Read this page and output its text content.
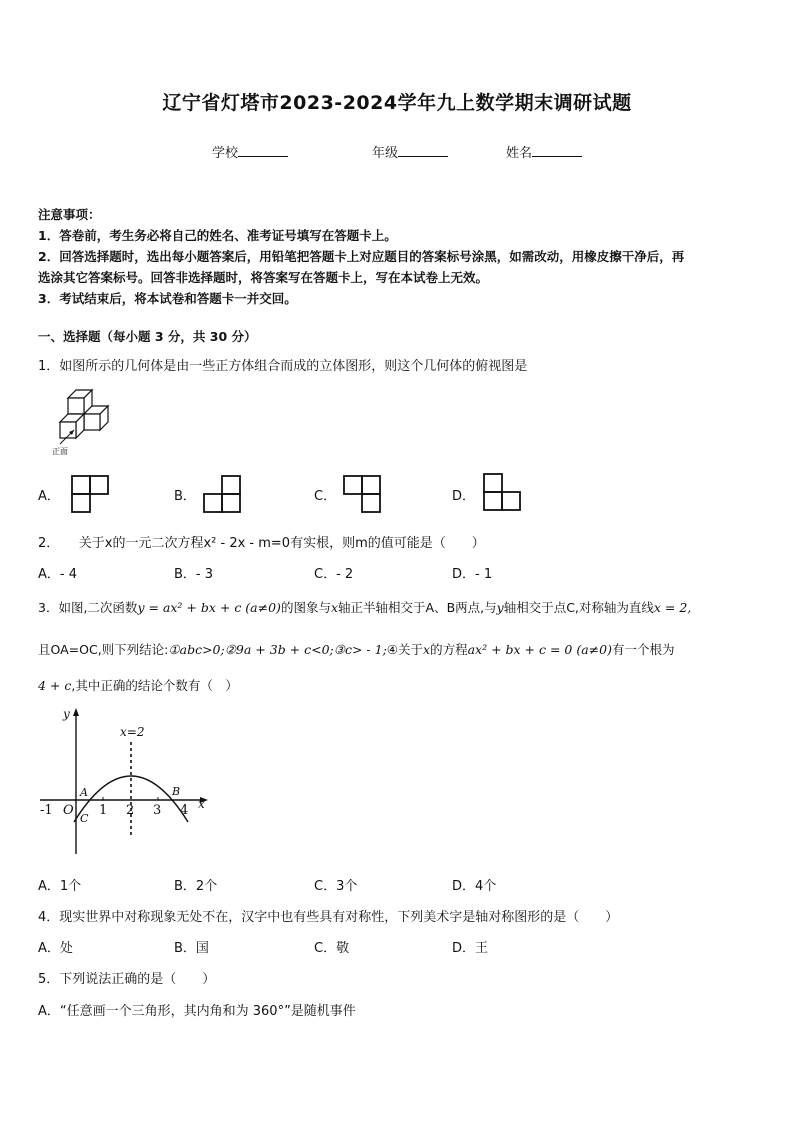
辽宁省灯塔市2023-2024学年九上数学期末调研试题
学校	年级	姓名
注意事项：
1．答卷前，考生务必将自己的姓名、准考证号填写在答题卡上。
2．回答选择题时，选出每小题答案后，用铅笔把答题卡上对应题目的答案标号涂黑，如需改动，用橡皮擦干净后，再
选涂其它答案标号。回答非选择题时，将答案写在答题卡上，写在本试卷上无效。
3．考试结束后，将本试卷和答题卡一并交回。
一、选择题（每小题 3 分，共 30 分）
1．如图所示的几何体是由一些正方体组合而成的立体图形，则这个几何体的俯视图是
正面
A．	B．	C．	D．
2．　　关于x的一元二次方程x² - 2x - m=0有实根，则m的值可能是（　　）
A．- 4	B．- 3	C．- 2	D．- 1
3．如图,二次函数y = ax² + bx + c (a≠0)的图象与x轴正半轴相交于A、B两点,与y轴相交于点C,对称轴为直线x = 2,
且OA=OC,则下列结论:①abc>0;②9a + 3b + c<0;③c> - 1;④关于x的方程ax² + bx + c = 0 (a≠0)有一个根为
4 + c,其中正确的结论个数有（　）
x
y
x=2
-1 O 1 2 3 4
A	B
C
A．1个	B．2个	C．3个	D．4个
4．现实世界中对称现象无处不在，汉字中也有些具有对称性，下列美术字是轴对称图形的是（　　）
A．处	B．国	C．敬	D．王
5．下列说法正确的是（　　）
A．“任意画一个三角形，其内角和为 360°”是随机事件
